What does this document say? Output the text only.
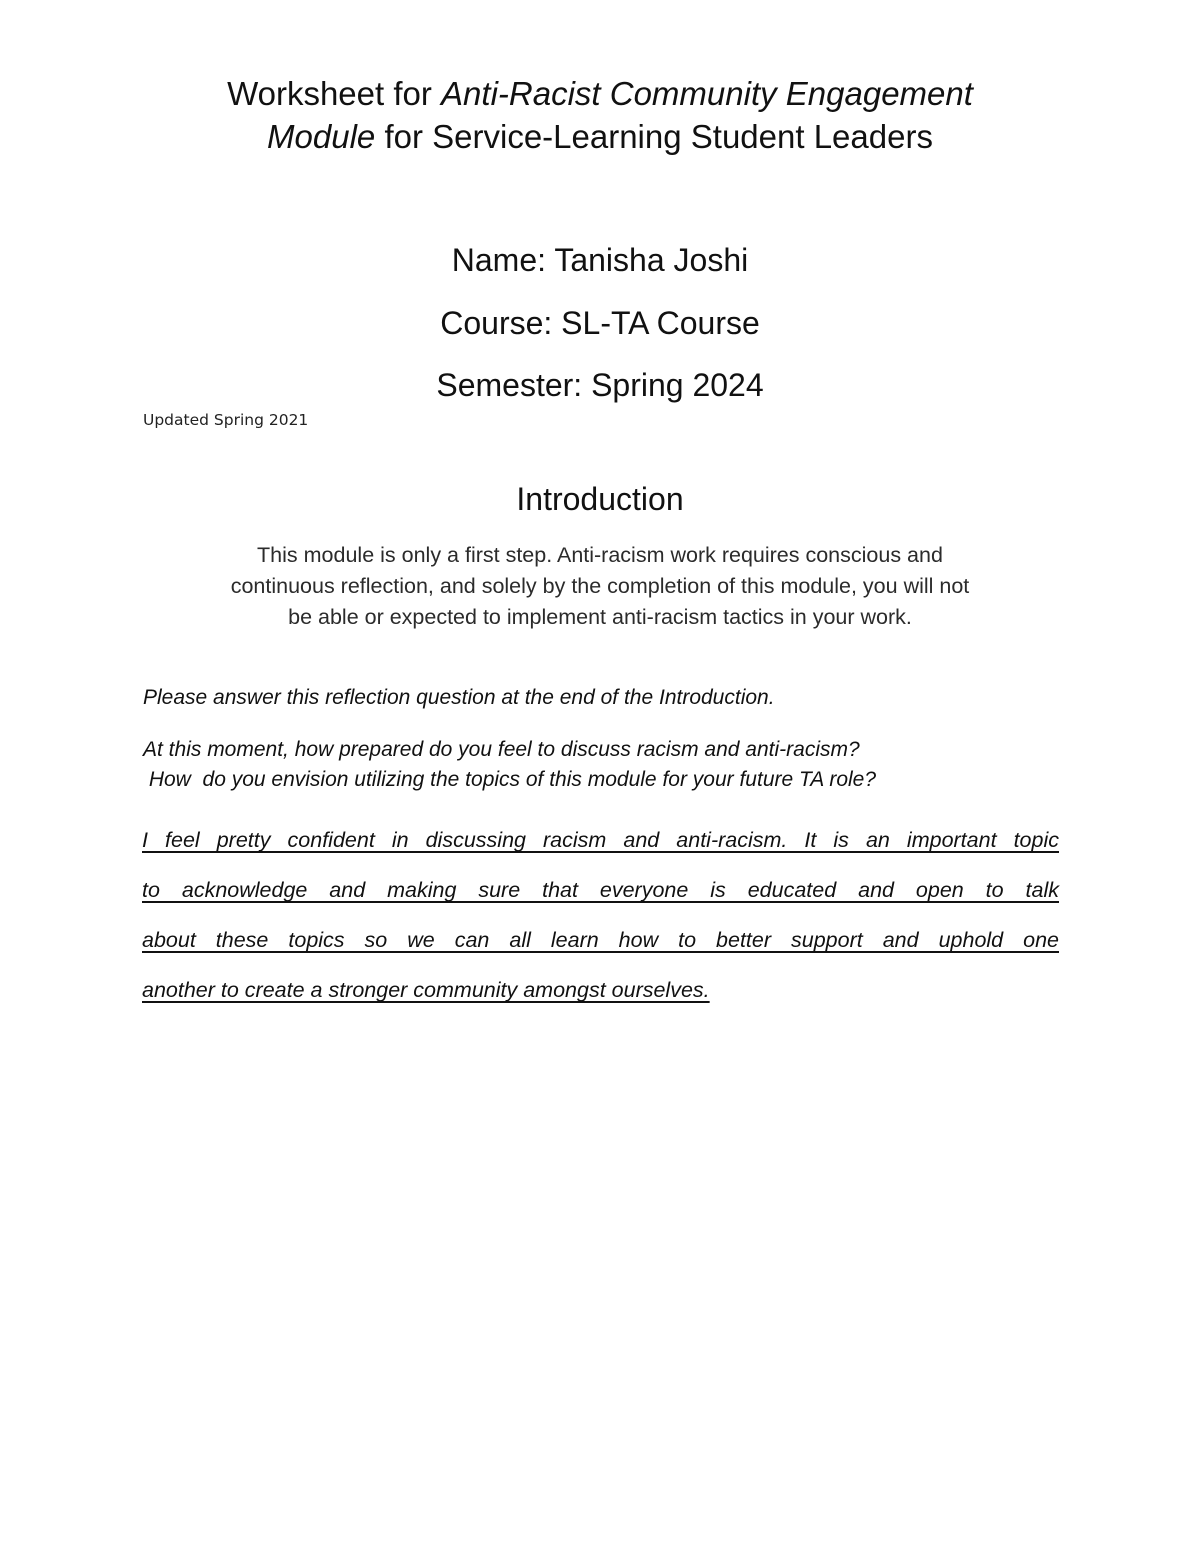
Worksheet for Anti-Racist Community Engagement
Module for Service-Learning Student Leaders
Name: Tanisha Joshi
Course: SL-TA Course
Semester: Spring 2024
Updated Spring 2021
Introduction
This module is only a first step. Anti-racism work requires conscious and
continuous reflection, and solely by the completion of this module, you will not
be able or expected to implement anti-racism tactics in your work.
Please answer this reflection question at the end of the Introduction.
At this moment, how prepared do you feel to discuss racism and anti-racism?
How  do you envision utilizing the topics of this module for your future TA role?
I feel pretty confident in discussing racism and anti-racism. It is an important topic
to acknowledge and making sure that everyone is educated and open to talk
about these topics so we can all learn how to better support and uphold one
another to create a stronger community amongst ourselves.
